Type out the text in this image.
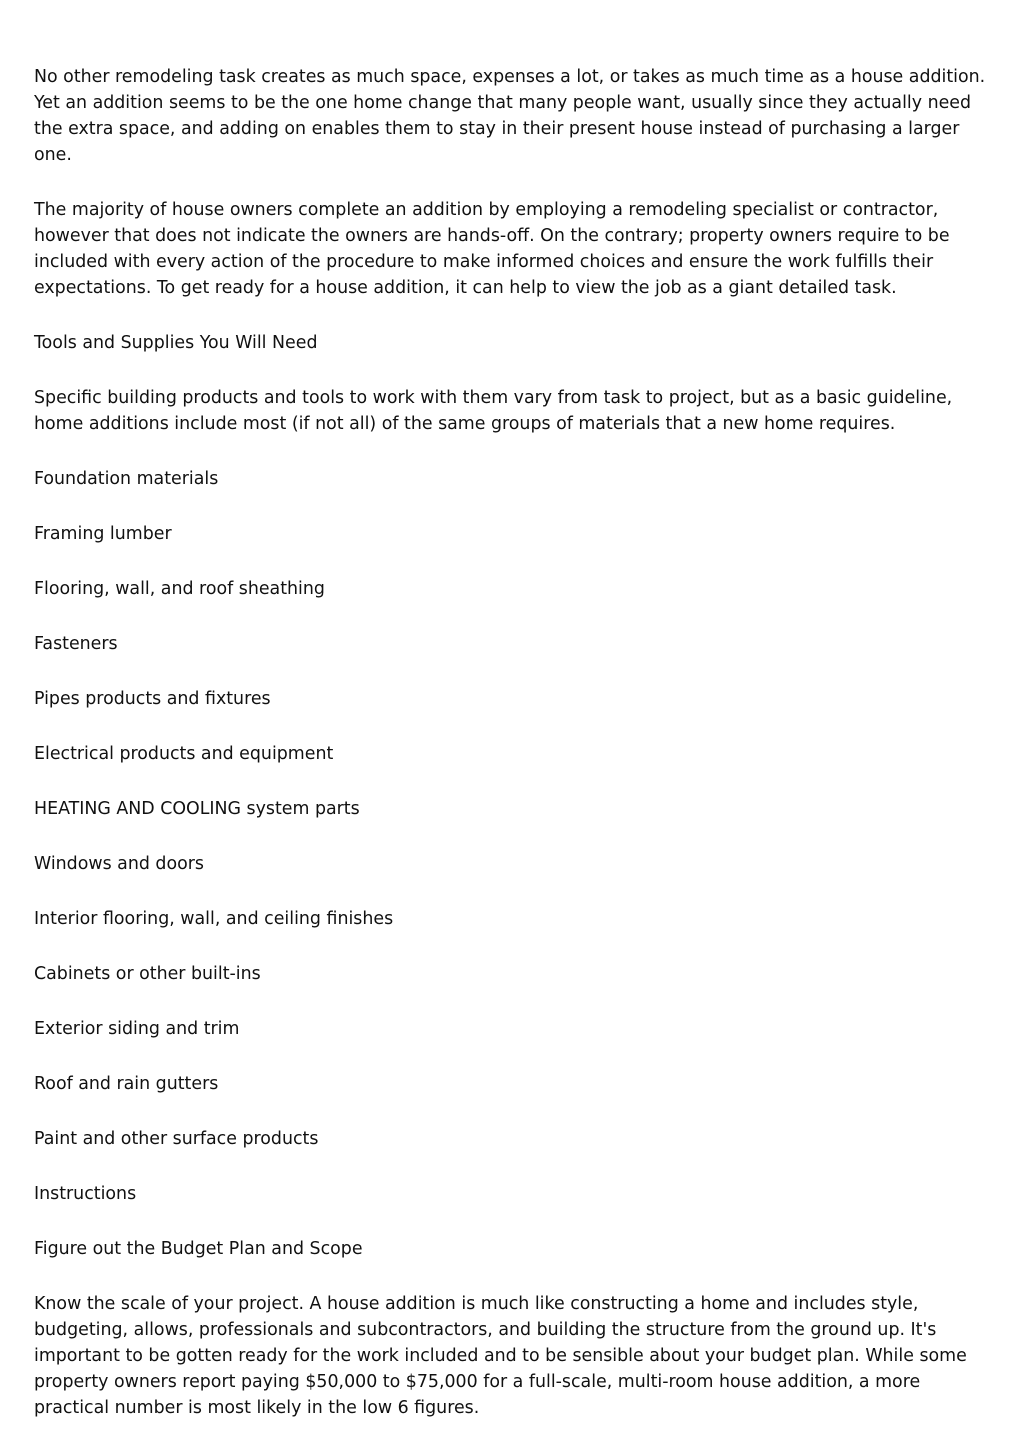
No other remodeling task creates as much space, expenses a lot, or takes as much time as a house addition. Yet an addition seems to be the one home change that many people want, usually since they actually need the extra space, and adding on enables them to stay in their present house instead of purchasing a larger one.

The majority of house owners complete an addition by employing a remodeling specialist or contractor, however that does not indicate the owners are hands-off. On the contrary; property owners require to be included with every action of the procedure to make informed choices and ensure the work fulfills their expectations. To get ready for a house addition, it can help to view the job as a giant detailed task.

Tools and Supplies You Will Need

Specific building products and tools to work with them vary from task to project, but as a basic guideline, home additions include most (if not all) of the same groups of materials that a new home requires.

Foundation materials

Framing lumber

Flooring, wall, and roof sheathing

Fasteners

Pipes products and fixtures

Electrical products and equipment

HEATING AND COOLING system parts

Windows and doors

Interior flooring, wall, and ceiling finishes

Cabinets or other built-ins

Exterior siding and trim

Roof and rain gutters

Paint and other surface products

Instructions

Figure out the Budget Plan and Scope

Know the scale of your project. A house addition is much like constructing a home and includes style, budgeting, allows, professionals and subcontractors, and building the structure from the ground up. It's important to be gotten ready for the work included and to be sensible about your budget plan. While some property owners report paying $50,000 to $75,000 for a full-scale, multi-room house addition, a more practical number is most likely in the low 6 figures.
